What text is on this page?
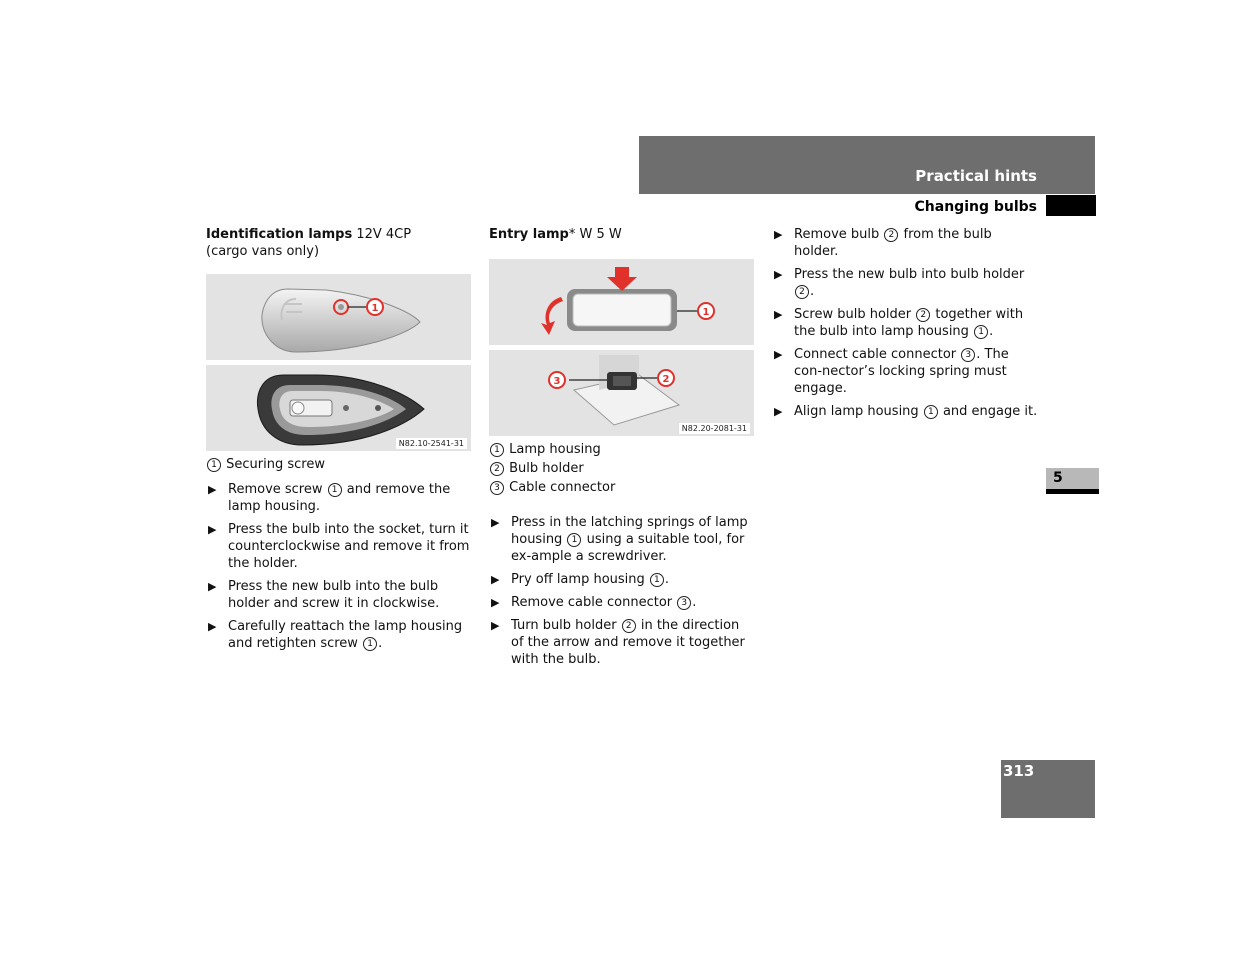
Practical hints
Changing bulbs
5
313
Identification lamps 12V 4CP
(cargo vans only)
1
N82.10-2541-31
1 Securing screw
▶ Remove screw 1 and remove the lamp housing.
▶ Press the bulb into the socket, turn it counterclockwise and remove it from the holder.
▶ Press the new bulb into the bulb holder and screw it in clockwise.
▶ Carefully reattach the lamp housing and retighten screw 1 .
Entry lamp* W 5 W
1
3	2
N82.20-2081-31
1 Lamp housing
2 Bulb holder
3 Cable connector
▶ Press in the latching springs of lamp housing 1 using a suitable tool, for ex-ample a screwdriver.
▶ Pry off lamp housing 1 .
▶ Remove cable connector 3 .
▶ Turn bulb holder 2 in the direction of the arrow and remove it together with the bulb.
▶ Remove bulb 2 from the bulb holder.
▶ Press the new bulb into bulb holder 2 .
▶ Screw bulb holder 2 together with the bulb into lamp housing 1 .
▶ Connect cable connector 3 . The con-nector’s locking spring must engage.
▶ Align lamp housing 1 and engage it.
